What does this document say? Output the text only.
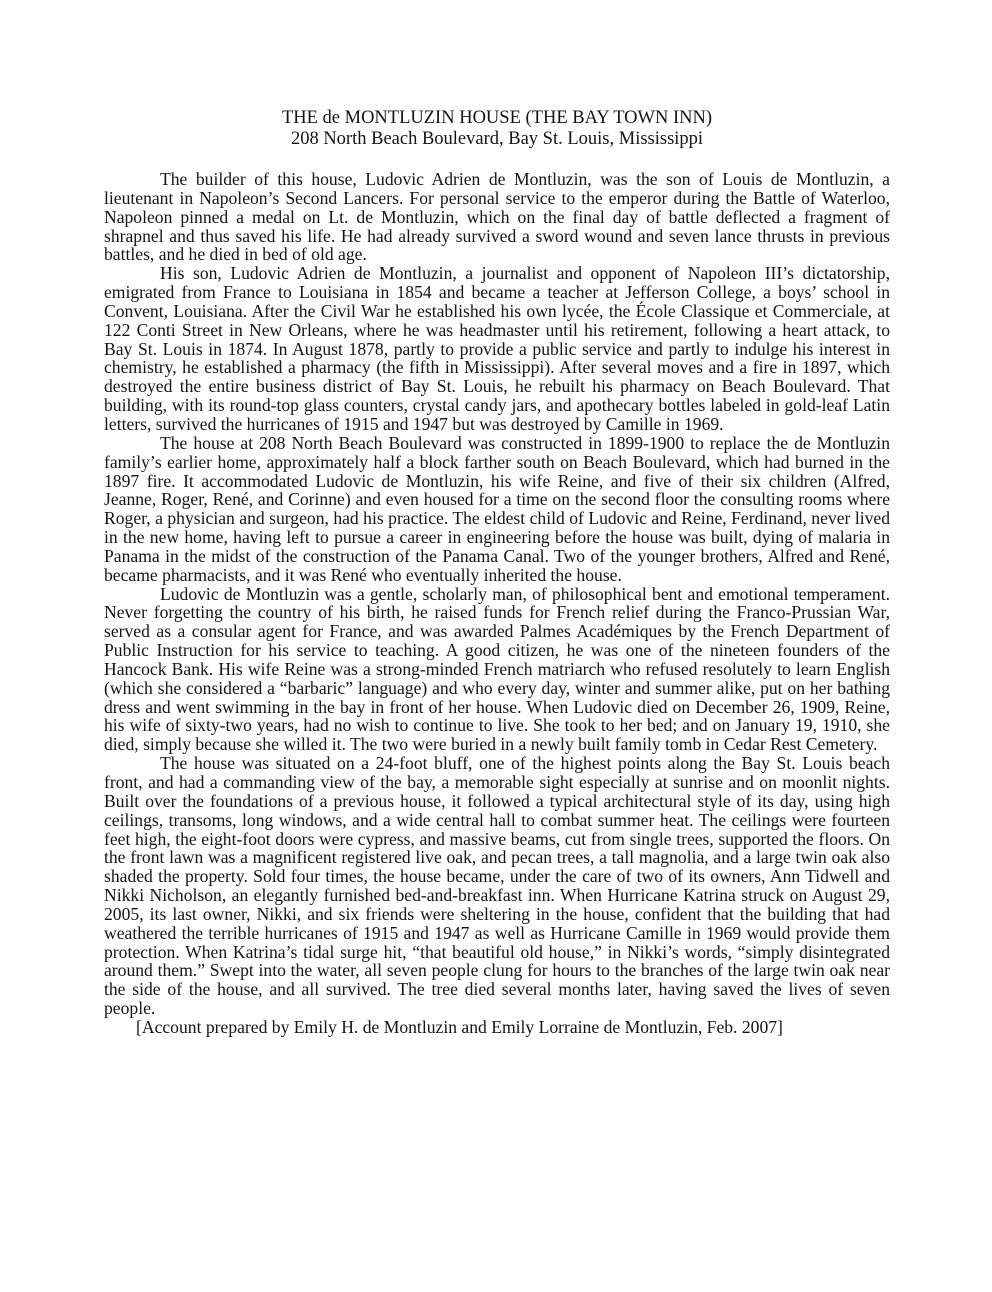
THE de MONTLUZIN HOUSE (THE BAY TOWN INN)
208 North Beach Boulevard, Bay St. Louis, Mississippi

The builder of this house, Ludovic Adrien de Montluzin, was the son of Louis de Montluzin, a lieutenant in Napoleon’s Second Lancers. For personal service to the emperor during the Battle of Waterloo, Napoleon pinned a medal on Lt. de Montluzin, which on the final day of battle deflected a fragment of shrapnel and thus saved his life. He had already survived a sword wound and seven lance thrusts in previous battles, and he died in bed of old age.

His son, Ludovic Adrien de Montluzin, a journalist and opponent of Napoleon III’s dictatorship, emigrated from France to Louisiana in 1854 and became a teacher at Jefferson College, a boys’ school in Convent, Louisiana. After the Civil War he established his own lycée, the École Classique et Commerciale, at 122 Conti Street in New Orleans, where he was headmaster until his retirement, following a heart attack, to Bay St. Louis in 1874. In August 1878, partly to provide a public service and partly to indulge his interest in chemistry, he established a pharmacy (the fifth in Mississippi). After several moves and a fire in 1897, which destroyed the entire business district of Bay St. Louis, he rebuilt his pharmacy on Beach Boulevard. That building, with its round-top glass counters, crystal candy jars, and apothecary bottles labeled in gold-leaf Latin letters, survived the hurricanes of 1915 and 1947 but was destroyed by Camille in 1969.

The house at 208 North Beach Boulevard was constructed in 1899-1900 to replace the de Montluzin family’s earlier home, approximately half a block farther south on Beach Boulevard, which had burned in the 1897 fire. It accommodated Ludovic de Montluzin, his wife Reine, and five of their six children (Alfred, Jeanne, Roger, René, and Corinne) and even housed for a time on the second floor the consulting rooms where Roger, a physician and surgeon, had his practice. The eldest child of Ludovic and Reine, Ferdinand, never lived in the new home, having left to pursue a career in engineering before the house was built, dying of malaria in Panama in the midst of the construction of the Panama Canal. Two of the younger brothers, Alfred and René, became pharmacists, and it was René who eventually inherited the house.

Ludovic de Montluzin was a gentle, scholarly man, of philosophical bent and emotional temperament. Never forgetting the country of his birth, he raised funds for French relief during the Franco-Prussian War, served as a consular agent for France, and was awarded Palmes Académiques by the French Department of Public Instruction for his service to teaching. A good citizen, he was one of the nineteen founders of the Hancock Bank. His wife Reine was a strong-minded French matriarch who refused resolutely to learn English (which she considered a “barbaric” language) and who every day, winter and summer alike, put on her bathing dress and went swimming in the bay in front of her house. When Ludovic died on December 26, 1909, Reine, his wife of sixty-two years, had no wish to continue to live. She took to her bed; and on January 19, 1910, she died, simply because she willed it. The two were buried in a newly built family tomb in Cedar Rest Cemetery.

The house was situated on a 24-foot bluff, one of the highest points along the Bay St. Louis beach front, and had a commanding view of the bay, a memorable sight especially at sunrise and on moonlit nights. Built over the foundations of a previous house, it followed a typical architectural style of its day, using high ceilings, transoms, long windows, and a wide central hall to combat summer heat. The ceilings were fourteen feet high, the eight-foot doors were cypress, and massive beams, cut from single trees, supported the floors. On the front lawn was a magnificent registered live oak, and pecan trees, a tall magnolia, and a large twin oak also shaded the property. Sold four times, the house became, under the care of two of its owners, Ann Tidwell and Nikki Nicholson, an elegantly furnished bed-and-breakfast inn. When Hurricane Katrina struck on August 29, 2005, its last owner, Nikki, and six friends were sheltering in the house, confident that the building that had weathered the terrible hurricanes of 1915 and 1947 as well as Hurricane Camille in 1969 would provide them protection. When Katrina’s tidal surge hit, “that beautiful old house,” in Nikki’s words, “simply disintegrated around them.” Swept into the water, all seven people clung for hours to the branches of the large twin oak near the side of the house, and all survived. The tree died several months later, having saved the lives of seven people.

[Account prepared by Emily H. de Montluzin and Emily Lorraine de Montluzin, Feb. 2007]
